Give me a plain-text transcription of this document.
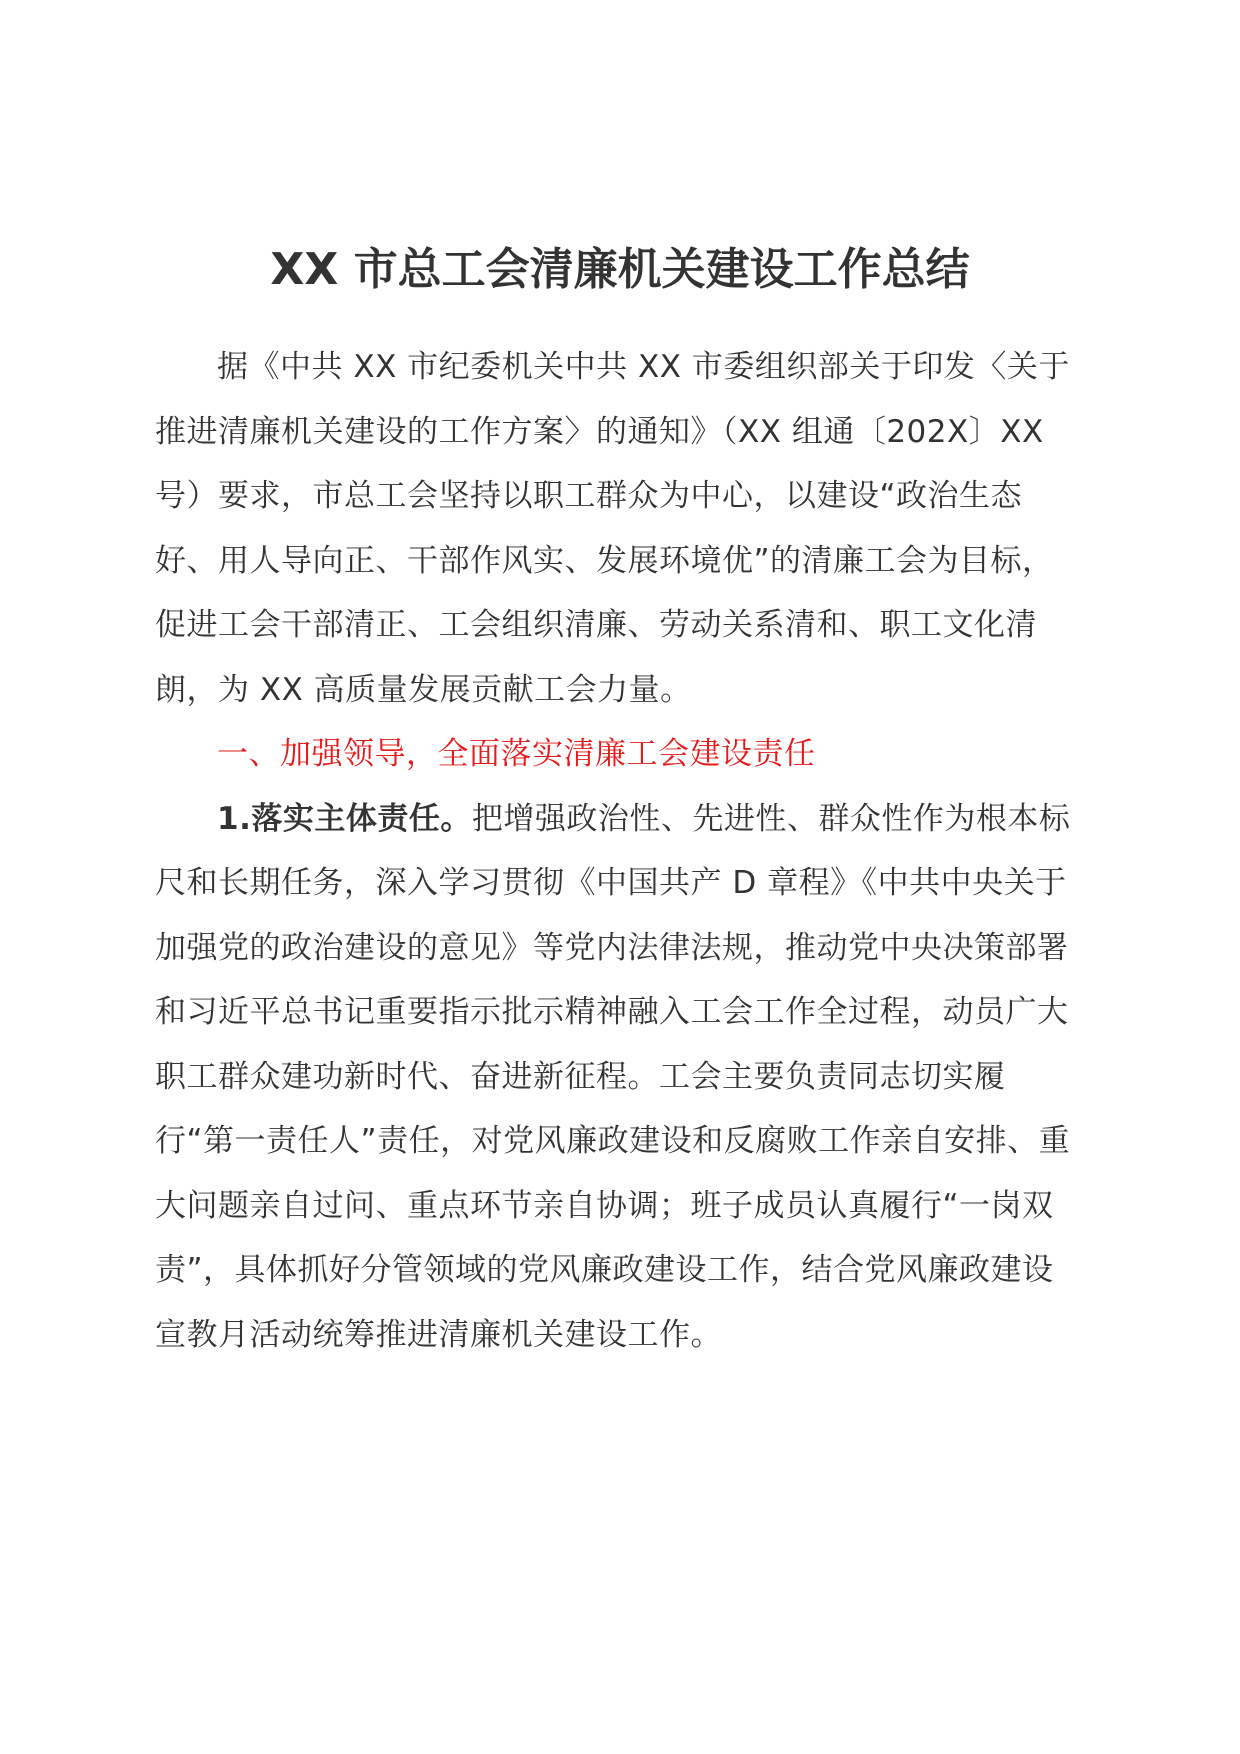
XX 市总工会清廉机关建设工作总结

据《中共 XX 市纪委机关中共 XX 市委组织部关于印发〈关于推进清廉机关建设的工作方案〉的通知》（XX 组通〔202X〕XX 号）要求，市总工会坚持以职工群众为中心，以建设“政治生态好、用人导向正、干部作风实、发展环境优”的清廉工会为目标，促进工会干部清正、工会组织清廉、劳动关系清和、职工文化清朗，为 XX 高质量发展贡献工会力量。

一、加强领导，全面落实清廉工会建设责任

1.落实主体责任。把增强政治性、先进性、群众性作为根本标尺和长期任务，深入学习贯彻《中国共产 D 章程》《中共中央关于加强党的政治建设的意见》等党内法律法规，推动党中央决策部署和习近平总书记重要指示批示精神融入工会工作全过程，动员广大职工群众建功新时代、奋进新征程。工会主要负责同志切实履行“第一责任人”责任，对党风廉政建设和反腐败工作亲自安排、重大问题亲自过问、重点环节亲自协调；班子成员认真履行“一岗双责”，具体抓好分管领域的党风廉政建设工作，结合党风廉政建设宣教月活动统筹推进清廉机关建设工作。
